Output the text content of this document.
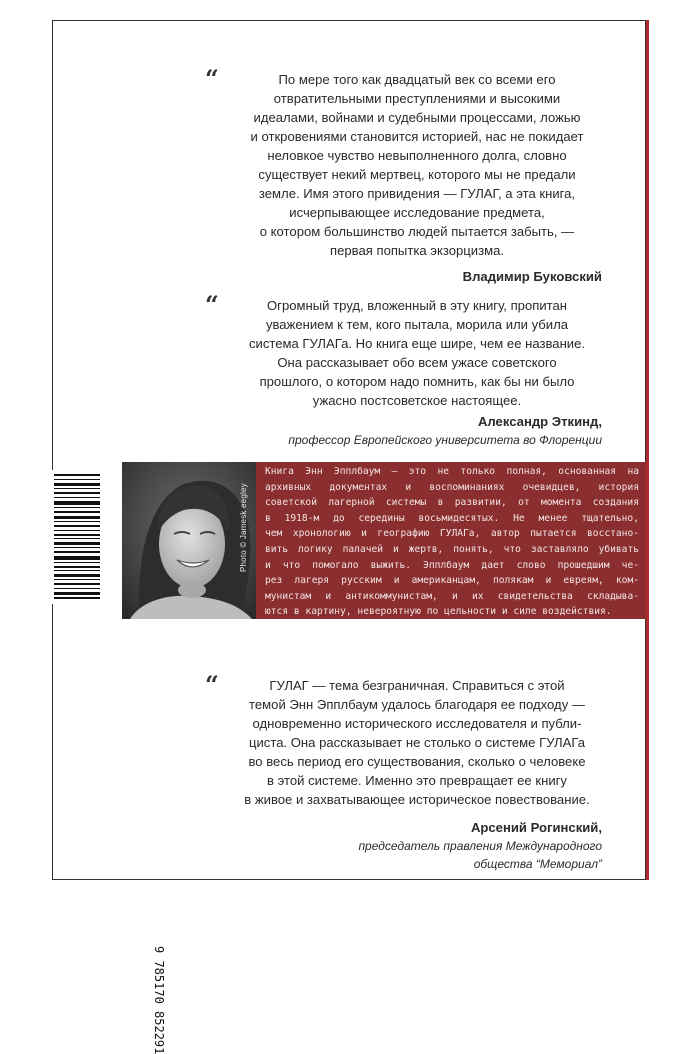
“	По мере того как двадцатый век со всеми его
отвратительными преступлениями и высокими
идеалами, войнами и судебными процессами, ложью
и откровениями становится историей, нас не покидает
неловкое чувство невыполненного долга, словно
существует некий мертвец, которого мы не предали
земле. Имя этого привидения — ГУЛАГ, а эта книга,
исчерпывающее исследование предмета,
о котором большинство людей пытается забыть, —
первая попытка экзорцизма.

Владимир Буковский

“	Огромный труд, вложенный в эту книгу, пропитан
уважением к тем, кого пытала, морила или убила
система ГУЛАГа. Но книга еще шире, чем ее название.
Она рассказывает обо всем ужасе советского
прошлого, о котором надо помнить, как бы ни было
ужасно постсоветское настоящее.

Александр Эткинд,

профессор Европейского университета во Флоренции

Photo © Jamesk eegley

Книга Энн Эпплбаум — это не только полная, основанная на
архивных документах и воспоминаниях очевидцев, история
советской лагерной системы в развитии, от момента создания
в 1918-м до середины восьмидесятых. Не менее тщательно,
чем хронологию и географию ГУЛАГа, автор пытается восстано-
вить логику палачей и жертв, понять, что заставляло убивать
и что помогало выжить. Эпплбаум дает слово прошедшим че-
рез лагеря русским и американцам, полякам и евреям, ком-
мунистам и антикоммунистам, и их свидетельства складыва-
ются в картину, невероятную по цельности и силе воздействия.

9 785170 852291
“	ГУЛАГ — тема безграничная. Справиться с этой
темой Энн Эпплбаум удалось благодаря ее подходу —
одновременно исторического исследователя и публи-
циста. Она рассказывает не столько о системе ГУЛАГа
во весь период его существования, сколько о человеке
в этой системе. Именно это превращает ее книгу
в живое и захватывающее историческое повествование.

Арсений Рогинский,

председатель правления Международного

общества “Мемориал”
